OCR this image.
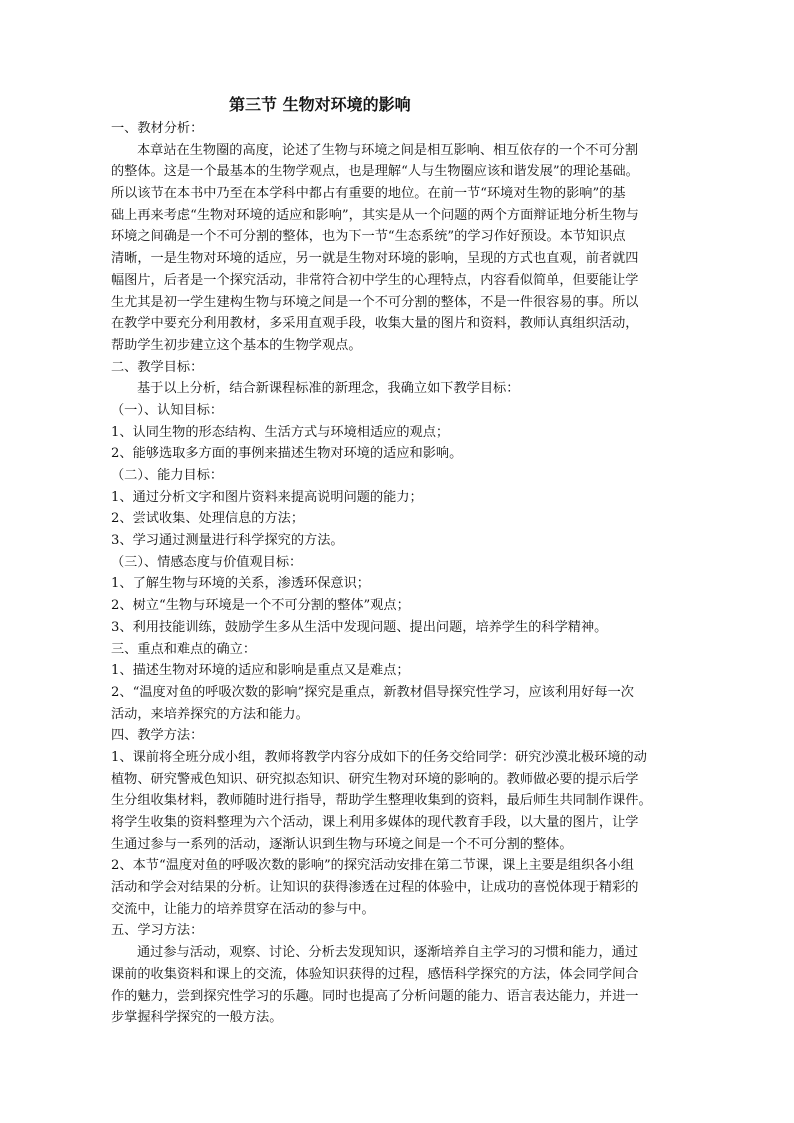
第三节 生物对环境的影响
一、教材分析：
本章站在生物圈的高度，论述了生物与环境之间是相互影响、相互依存的一个不可分割
的整体。这是一个最基本的生物学观点，也是理解“人与生物圈应该和谐发展”的理论基础。
所以该节在本书中乃至在本学科中都占有重要的地位。在前一节“环境对生物的影响”的基
础上再来考虑“生物对环境的适应和影响”，其实是从一个问题的两个方面辩证地分析生物与
环境之间确是一个不可分割的整体，也为下一节“生态系统”的学习作好预设。本节知识点
清晰，一是生物对环境的适应，另一就是生物对环境的影响，呈现的方式也直观，前者就四
幅图片，后者是一个探究活动，非常符合初中学生的心理特点，内容看似简单，但要能让学
生尤其是初一学生建构生物与环境之间是一个不可分割的整体，不是一件很容易的事。所以
在教学中要充分利用教材，多采用直观手段，收集大量的图片和资料，教师认真组织活动，
帮助学生初步建立这个基本的生物学观点。
二、教学目标：
基于以上分析，结合新课程标准的新理念，我确立如下教学目标：
（一）、认知目标：
1、认同生物的形态结构、生活方式与环境相适应的观点；
2、能够选取多方面的事例来描述生物对环境的适应和影响。
（二）、能力目标：
1、通过分析文字和图片资料来提高说明问题的能力；
2、尝试收集、处理信息的方法；
3、学习通过测量进行科学探究的方法。
（三）、情感态度与价值观目标：
1、了解生物与环境的关系，渗透环保意识；
2、树立“生物与环境是一个不可分割的整体”观点；
3、利用技能训练，鼓励学生多从生活中发现问题、提出问题，培养学生的科学精神。
三、重点和难点的确立：
1、描述生物对环境的适应和影响是重点又是难点；
2、“温度对鱼的呼吸次数的影响”探究是重点，新教材倡导探究性学习，应该利用好每一次
活动，来培养探究的方法和能力。
四、教学方法：
1、课前将全班分成小组，教师将教学内容分成如下的任务交给同学：研究沙漠北极环境的动
植物、研究警戒色知识、研究拟态知识、研究生物对环境的影响的。教师做必要的提示后学
生分组收集材料，教师随时进行指导，帮助学生整理收集到的资料，最后师生共同制作课件。
将学生收集的资料整理为六个活动，课上利用多媒体的现代教育手段，以大量的图片，让学
生通过参与一系列的活动，逐渐认识到生物与环境之间是一个不可分割的整体。
2、本节“温度对鱼的呼吸次数的影响”的探究活动安排在第二节课，课上主要是组织各小组
活动和学会对结果的分析。让知识的获得渗透在过程的体验中，让成功的喜悦体现于精彩的
交流中，让能力的培养贯穿在活动的参与中。
五、学习方法：
通过参与活动，观察、讨论、分析去发现知识，逐渐培养自主学习的习惯和能力，通过
课前的收集资料和课上的交流，体验知识获得的过程，感悟科学探究的方法，体会同学间合
作的魅力，尝到探究性学习的乐趣。同时也提高了分析问题的能力、语言表达能力，并进一
步掌握科学探究的一般方法。
